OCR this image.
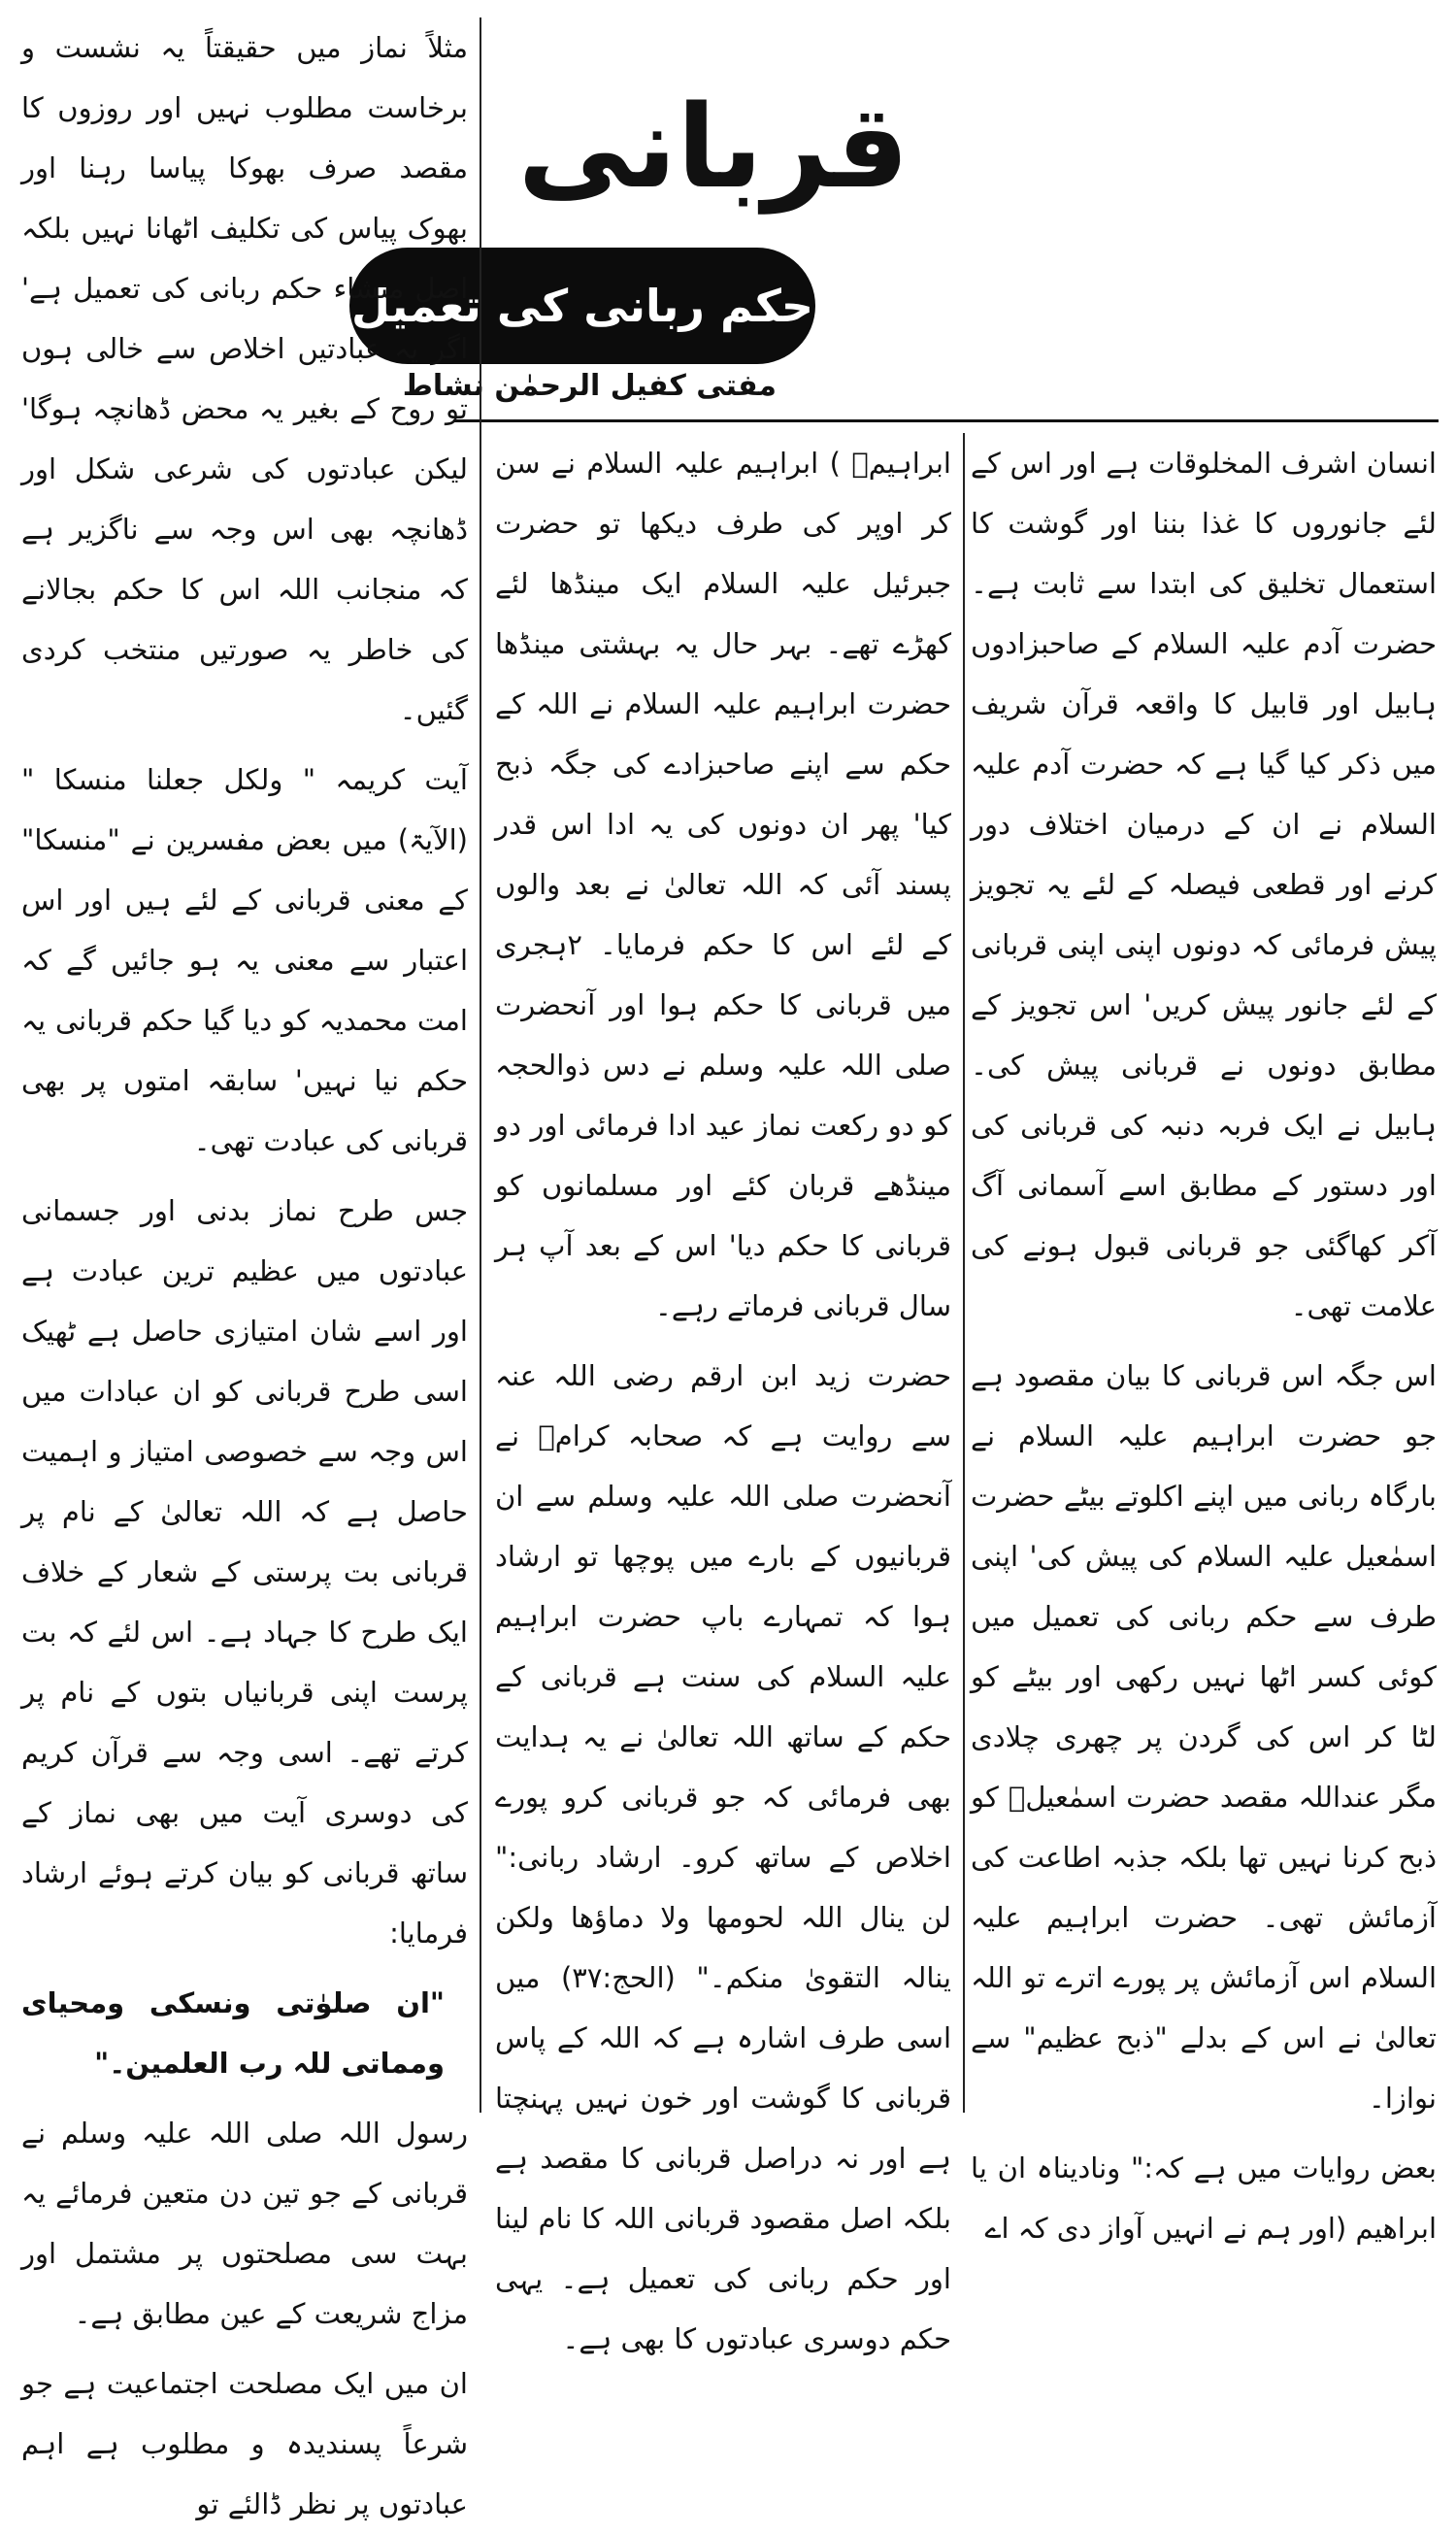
قربانی
حکم ربانی کی تعمیل
مفتی کفیل الرحمٰن نشاط

انسان اشرف المخلوقات ہے اور اس کے لئے جانوروں کا غذا بننا اور گوشت کا استعمال تخلیق کی ابتدا سے ثابت ہے۔ حضرت آدم علیہ السلام کے صاحبزادوں ہابیل اور قابیل کا واقعہ قرآن شریف میں ذکر کیا گیا ہے کہ حضرت آدم علیہ السلام نے ان کے درمیان اختلاف دور کرنے اور قطعی فیصلہ کے لئے یہ تجویز پیش فرمائی کہ دونوں اپنی اپنی قربانی کے لئے جانور پیش کریں' اس تجویز کے مطابق دونوں نے قربانی پیش کی۔ ہابیل نے ایک فربہ دنبہ کی قربانی کی اور دستور کے مطابق اسے آسمانی آگ آکر کھاگئی جو قربانی قبول ہونے کی علامت تھی۔

اس جگہ اس قربانی کا بیان مقصود ہے جو حضرت ابراہیم علیہ السلام نے بارگاہ ربانی میں اپنے اکلوتے بیٹے حضرت اسمٰعیل علیہ السلام کی پیش کی' اپنی طرف سے حکم ربانی کی تعمیل میں کوئی کسر اٹھا نہیں رکھی اور بیٹے کو لٹا کر اس کی گردن پر چھری چلادی مگر عنداللہ مقصد حضرت اسمٰعیلؑ کو ذبح کرنا نہیں تھا بلکہ جذبہ اطاعت کی آزمائش تھی۔ حضرت ابراہیم علیہ السلام اس آزمائش پر پورے اترے تو اللہ تعالیٰ نے اس کے بدلے "ذبح عظیم" سے نوازا۔

بعض روایات میں ہے کہ:" ونادیناہ ان یا ابراھیم (اور ہم نے انہیں آواز دی کہ اے

ابراہیمؑ ) ابراہیم علیہ السلام نے سن کر اوپر کی طرف دیکھا تو حضرت جبرئیل علیہ السلام ایک مینڈھا لئے کھڑے تھے۔ بہر حال یہ بہشتی مینڈھا حضرت ابراہیم علیہ السلام نے اللہ کے حکم سے اپنے صاحبزادے کی جگہ ذبح کیا' پھر ان دونوں کی یہ ادا اس قدر پسند آئی کہ اللہ تعالیٰ نے بعد والوں کے لئے اس کا حکم فرمایا۔ ۲ہجری میں قربانی کا حکم ہوا اور آنحضرت صلی اللہ علیہ وسلم نے دس ذوالحجہ کو دو رکعت نماز عید ادا فرمائی اور دو مینڈھے قربان کئے اور مسلمانوں کو قربانی کا حکم دیا' اس کے بعد آپ ہر سال قربانی فرماتے رہے۔

حضرت زید ابن ارقم رضی اللہ عنہ سے روایت ہے کہ صحابہ کرامؓ نے آنحضرت صلی اللہ علیہ وسلم سے ان قربانیوں کے بارے میں پوچھا تو ارشاد ہوا کہ تمہارے باپ حضرت ابراہیم علیہ السلام کی سنت ہے قربانی کے حکم کے ساتھ اللہ تعالیٰ نے یہ ہدایت بھی فرمائی کہ جو قربانی کرو پورے اخلاص کے ساتھ کرو۔ ارشاد ربانی:" لن ینال اللہ لحومھا ولا دماؤھا ولکن ینالہ التقویٰ منکم۔" (الحج:۳۷) میں اسی طرف اشارہ ہے کہ اللہ کے پاس قربانی کا گوشت اور خون نہیں پہنچتا ہے اور نہ دراصل قربانی کا مقصد ہے بلکہ اصل مقصود قربانی اللہ کا نام لینا اور حکم ربانی کی تعمیل ہے۔ یہی حکم دوسری عبادتوں کا بھی ہے۔

مثلاً نماز میں حقیقتاً یہ نشست و برخاست مطلوب نہیں اور روزوں کا مقصد صرف بھوکا پیاسا رہنا اور بھوک پیاس کی تکلیف اٹھانا نہیں بلکہ اصل منشاء حکم ربانی کی تعمیل ہے' اگر یہ عبادتیں اخلاص سے خالی ہوں تو روح کے بغیر یہ محض ڈھانچہ ہوگا' لیکن عبادتوں کی شرعی شکل اور ڈھانچہ بھی اس وجہ سے ناگزیر ہے کہ منجانب اللہ اس کا حکم بجالانے کی خاطر یہ صورتیں منتخب کردی گئیں۔

آیت کریمہ " ولکل جعلنا منسکا " (الآیۃ) میں بعض مفسرین نے "منسکا" کے معنی قربانی کے لئے ہیں اور اس اعتبار سے معنی یہ ہو جائیں گے کہ امت محمدیہ کو دیا گیا حکم قربانی یہ حکم نیا نہیں' سابقہ امتوں پر بھی قربانی کی عبادت تھی۔

جس طرح نماز بدنی اور جسمانی عبادتوں میں عظیم ترین عبادت ہے اور اسے شان امتیازی حاصل ہے ٹھیک اسی طرح قربانی کو ان عبادات میں اس وجہ سے خصوصی امتیاز و اہمیت حاصل ہے کہ اللہ تعالیٰ کے نام پر قربانی بت پرستی کے شعار کے خلاف ایک طرح کا جہاد ہے۔ اس لئے کہ بت پرست اپنی قربانیاں بتوں کے نام پر کرتے تھے۔ اسی وجہ سے قرآن کریم کی دوسری آیت میں بھی نماز کے ساتھ قربانی کو بیان کرتے ہوئے ارشاد فرمایا:

"ان صلوٰتی ونسکی ومحیای ومماتی للہ رب العلمین۔"

رسول اللہ صلی اللہ علیہ وسلم نے قربانی کے جو تین دن متعین فرمائے یہ بہت سی مصلحتوں پر مشتمل اور مزاج شریعت کے عین مطابق ہے۔

ان میں ایک مصلحت اجتماعیت ہے جو شرعاً پسندیدہ و مطلوب ہے اہم عبادتوں پر نظر ڈالئے تو
